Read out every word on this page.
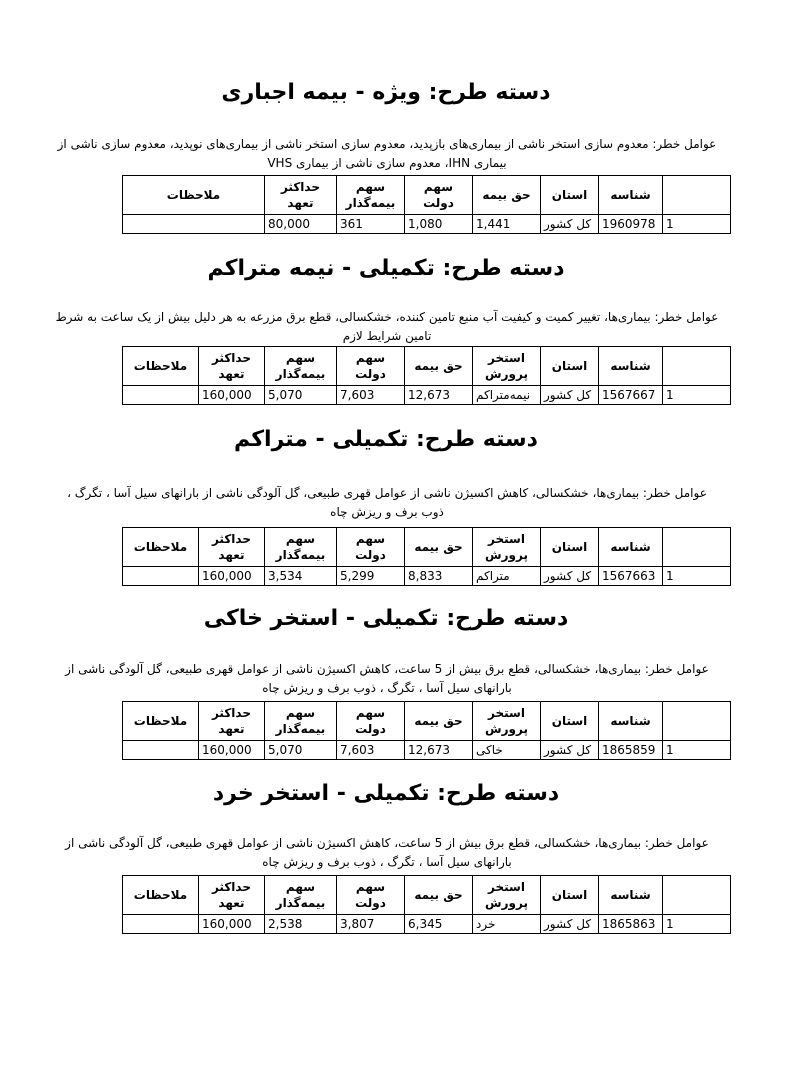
دسته طرح: ویژه - بیمه اجباری
عوامل خطر: معدوم سازی استخر ناشی از بیماری‌های بازپدید، معدوم سازی استخر ناشی از بیماری‌های نوپدید، معدوم سازی ناشی از بیماری IHN، معدوم سازی ناشی از بیماری VHS
	شناسه	استان	حق بیمه	سهم دولت	سهم بیمه‌گذار	حداکثر تعهد	ملاحظات
1	1960978	کل کشور	1,441	1,080	361	80,000	
دسته طرح: تکمیلی - نیمه متراکم
عوامل خطر: بیماری‌ها، تغییر کمیت و کیفیت آب منبع تامین کننده، خشکسالی، قطع برق مزرعه به هر دلیل بیش از یک ساعت به شرط تامین شرایط لازم
	شناسه	استان	استخر پرورش	حق بیمه	سهم دولت	سهم بیمه‌گذار	حداکثر تعهد	ملاحظات
1	1567667	کل کشور	نیمه‌متراکم	12,673	7,603	5,070	160,000	
دسته طرح: تکمیلی - متراکم
عوامل خطر: بیماری‌ها، خشکسالی، کاهش اکسیژن ناشی از عوامل قهری طبیعی، گل آلودگی ناشی از بارانهای سیل آسا ، تگرگ ، ذوب برف و ریزش چاه
	شناسه	استان	استخر پرورش	حق بیمه	سهم دولت	سهم بیمه‌گذار	حداکثر تعهد	ملاحظات
1	1567663	کل کشور	متراکم	8,833	5,299	3,534	160,000	
دسته طرح: تکمیلی - استخر خاکی
عوامل خطر: بیماری‌ها، خشکسالی، قطع برق بیش از 5 ساعت، کاهش اکسیژن ناشی از عوامل قهری طبیعی، گل آلودگی ناشی از بارانهای سیل آسا ، تگرگ ، ذوب برف و ریزش چاه
	شناسه	استان	استخر پرورش	حق بیمه	سهم دولت	سهم بیمه‌گذار	حداکثر تعهد	ملاحظات
1	1865859	کل کشور	خاکی	12,673	7,603	5,070	160,000	
دسته طرح: تکمیلی - استخر خرد
عوامل خطر: بیماری‌ها، خشکسالی، قطع برق بیش از 5 ساعت، کاهش اکسیژن ناشی از عوامل قهری طبیعی، گل آلودگی ناشی از بارانهای سیل آسا ، تگرگ ، ذوب برف و ریزش چاه
	شناسه	استان	استخر پرورش	حق بیمه	سهم دولت	سهم بیمه‌گذار	حداکثر تعهد	ملاحظات
1	1865863	کل کشور	خرد	6,345	3,807	2,538	160,000	
